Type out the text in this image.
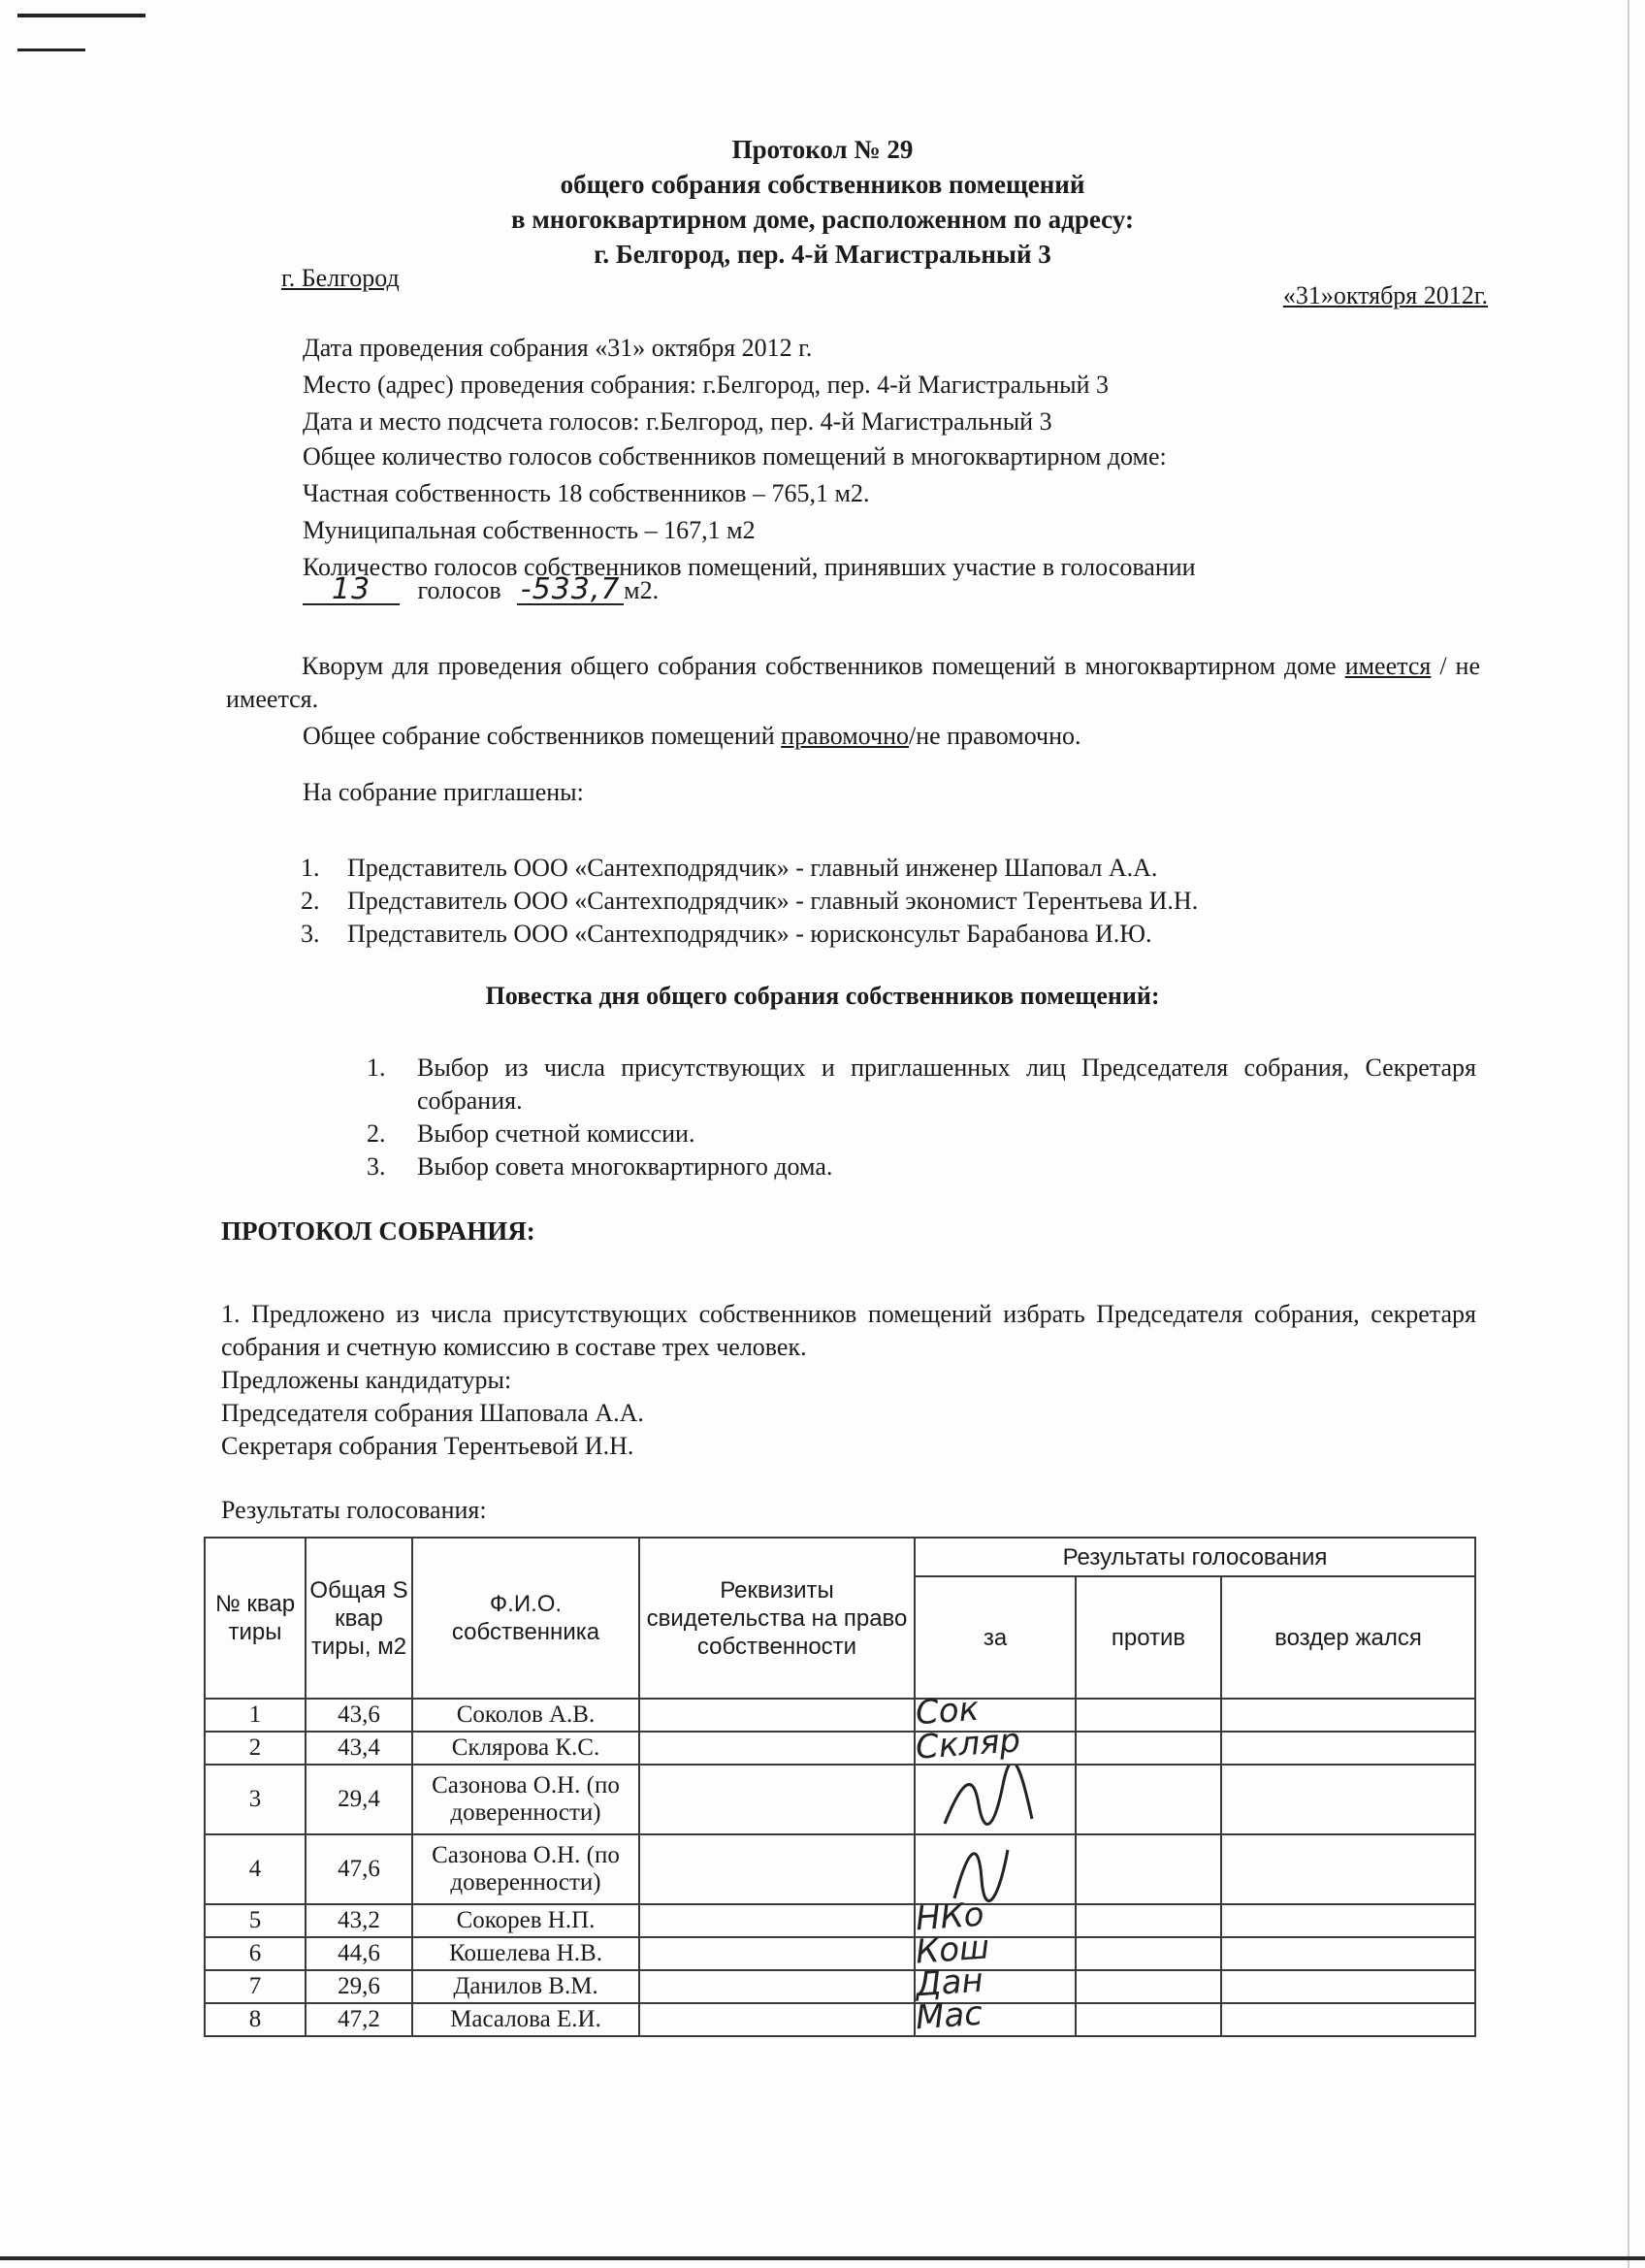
Протокол № 29
общего собрания собственников помещений
в многоквартирном доме, расположенном по адресу:
г. Белгород, пер. 4-й Магистральный 3
г. Белгород
«31»октября 2012г.
Дата проведения собрания «31» октября 2012 г.
Место (адрес) проведения собрания: г.Белгород, пер. 4-й Магистральный 3
Дата и место подсчета голосов: г.Белгород, пер. 4-й Магистральный 3
Общее количество голосов собственников помещений в многоквартирном доме:
Частная собственность 18 собственников – 765,1 м2.
Муниципальная собственность – 167,1 м2
Количество голосов собственников помещений, принявших участие в голосовании
13 голосов -533,7 м2.
Кворум для проведения общего собрания собственников помещений в многоквартирном доме имеется / не имеется.
Общее собрание собственников помещений правомочно/не правомочно.
На собрание приглашены:
1.	Представитель ООО «Сантехподрядчик» - главный инженер Шаповал А.А.
2.	Представитель ООО «Сантехподрядчик» - главный экономист Терентьева И.Н.
3.	Представитель ООО «Сантехподрядчик» - юрисконсульт Барабанова И.Ю.
Повестка дня общего собрания собственников помещений:
1.	Выбор из числа присутствующих и приглашенных лиц Председателя собрания, Секретаря собрания.
2.	Выбор счетной комиссии.
3.	Выбор совета многоквартирного дома.
ПРОТОКОЛ СОБРАНИЯ:
1. Предложено из числа присутствующих собственников помещений избрать Председателя собрания, секретаря собрания и счетную комиссию в составе трех человек.
Предложены кандидатуры:
Председателя собрания Шаповала А.А.
Секретаря собрания Терентьевой И.Н.
Результаты голосования:
№ квар тиры	Общая S квар тиры, м2	Ф.И.О. собственника	Реквизиты свидетельства на право собственности	Результаты голосования		
				за	против	воздер жался
1	43,6	Соколов А.В.		Сок		

2	43,4	Склярова К.С.		Скляр		

3	29,4	Сазонова О.Н. (по доверенности)		

4	47,6	Сазонова О.Н. (по доверенности)		

5	43,2	Сокорев Н.П.		НКо		

6	44,6	Кошелева Н.В.		Кош		

7	29,6	Данилов В.М.		Дан		

8	47,2	Масалова Е.И.		Мас		
